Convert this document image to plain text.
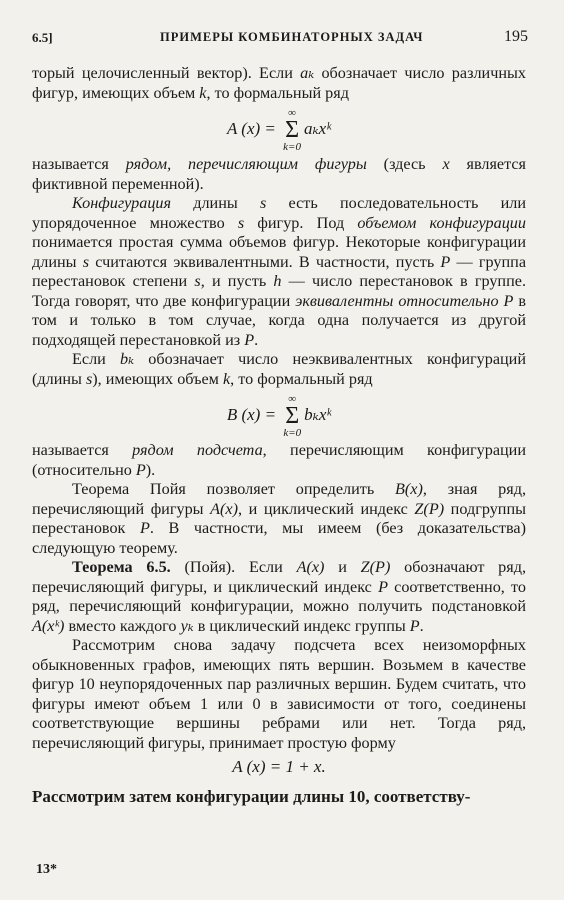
6.5]	ПРИМЕРЫ КОМБИНАТОРНЫХ ЗАДАЧ	195

торый целочисленный вектор). Если aₖ обозначает число различных фигур, имеющих объем k, то формальный ряд

A (x) =
∞
Σ
k=0
aₖxᵏ

называется рядом, перечисляющим фигуры (здесь x является фиктивной переменной).

Конфигурация длины s есть последовательность или упорядоченное множество s фигур. Под объемом конфигурации понимается простая сумма объемов фигур. Некоторые конфигурации длины s считаются эквивалентными. В частности, пусть P — группа перестановок степени s, и пусть h — число перестановок в группе. Тогда говорят, что две конфигурации эквивалентны относительно P в том и только в том случае, когда одна получается из другой подходящей перестановкой из P.

Если bₖ обозначает число неэквивалентных конфигураций (длины s), имеющих объем k, то формальный ряд

B (x) =
∞
Σ
k=0
bₖxᵏ

называется рядом подсчета, перечисляющим конфигурации (относительно P).

Теорема Пойя позволяет определить B(x), зная ряд, перечисляющий фигуры A(x), и циклический индекс Z(P) подгруппы перестановок P. В частности, мы имеем (без доказательства) следующую теорему.

Теорема 6.5. (Пойя). Если A(x) и Z(P) обозначают ряд, перечисляющий фигуры, и циклический индекс P соответственно, то ряд, перечисляющий конфигурации, можно получить подстановкой A(xᵏ) вместо каждого yₖ в циклический индекс группы P.

Рассмотрим снова задачу подсчета всех неизоморфных обыкновенных графов, имеющих пять вершин. Возьмем в качестве фигур 10 неупорядоченных пар различных вершин. Будем считать, что фигуры имеют объем 1 или 0 в зависимости от того, соединены соответствующие вершины ребрами или нет. Тогда ряд, перечисляющий фигуры, принимает простую форму

A (x) = 1 + x.

Рассмотрим затем конфигурации длины 10, соответству-

13*
